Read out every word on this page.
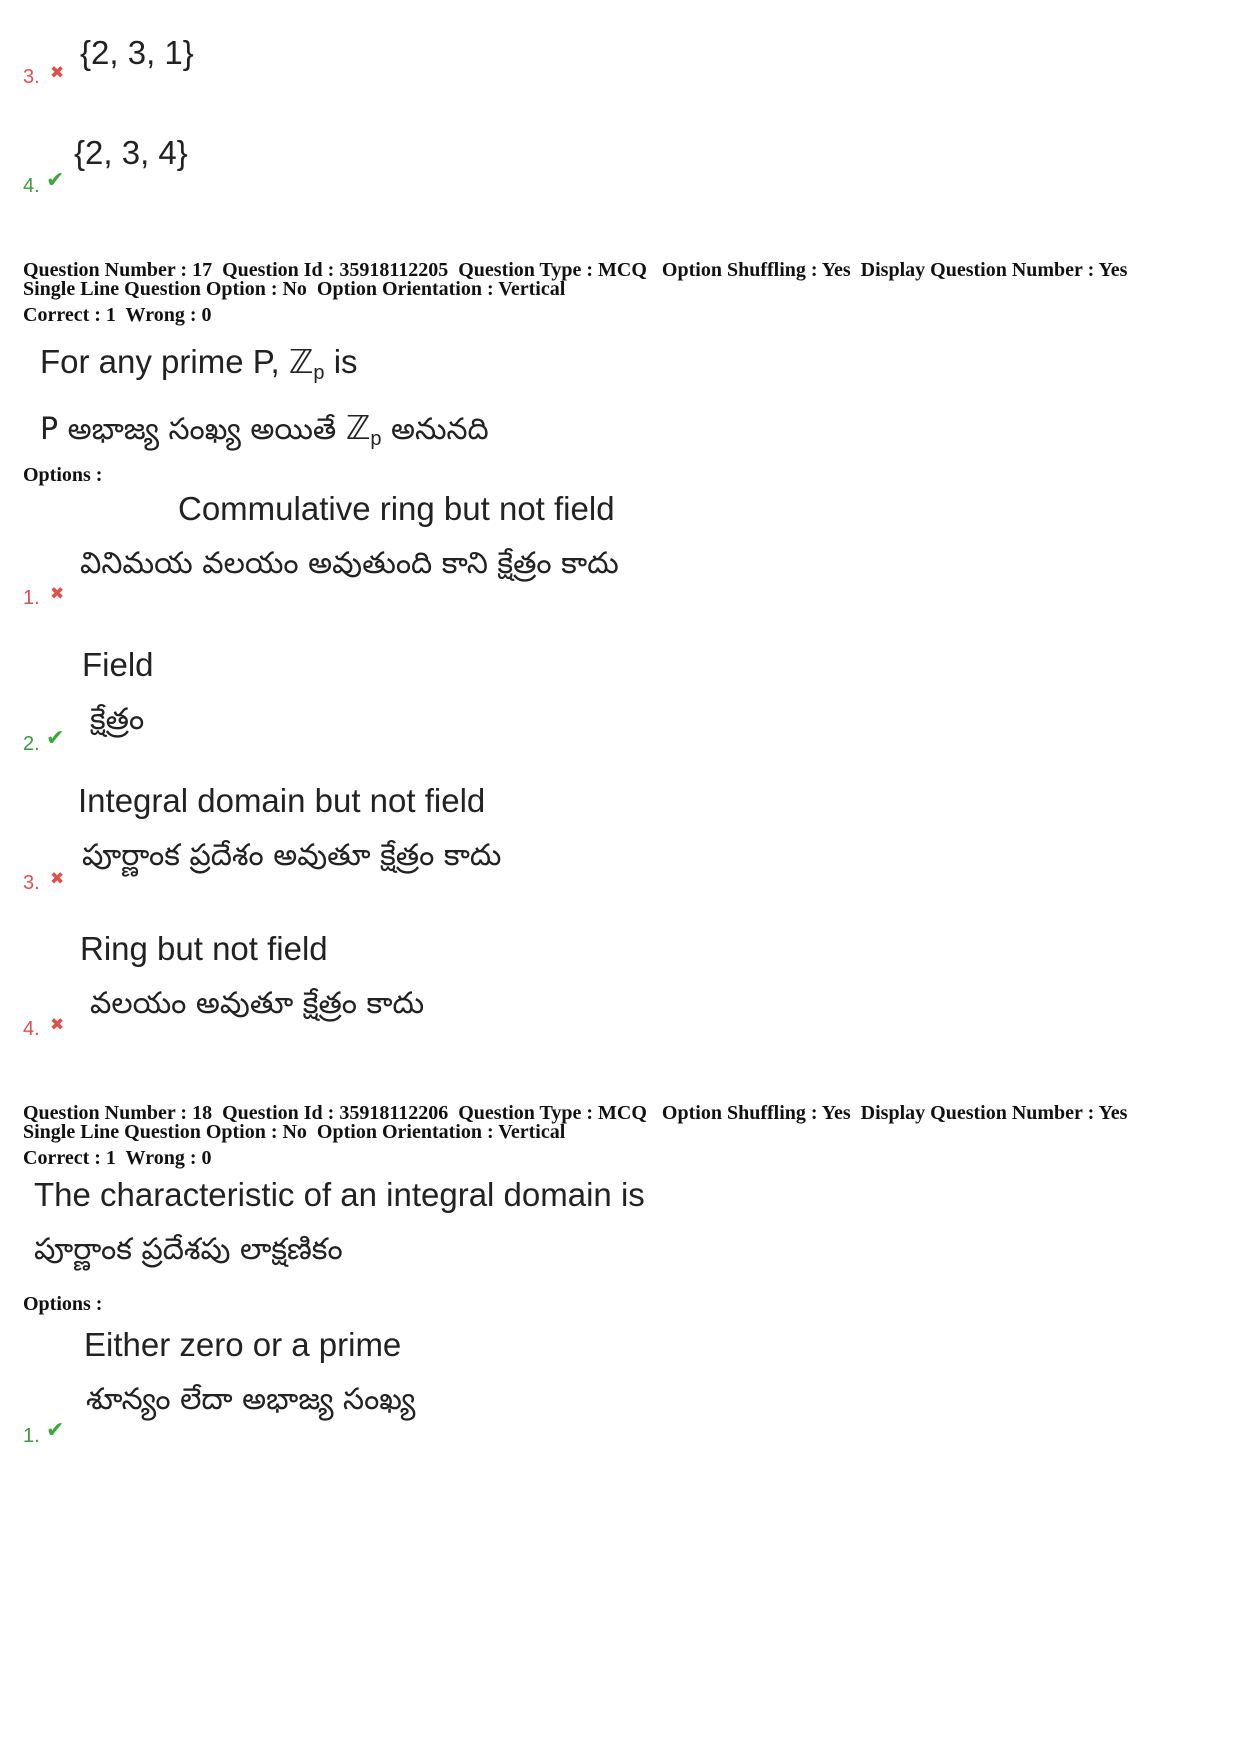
{2, 3, 1}
3. ✖
{2, 3, 4}
4. ✔
Question Number : 17  Question Id : 35918112205  Question Type : MCQ   Option Shuffling : Yes  Display Question Number : Yes
Single Line Question Option : No  Option Orientation : Vertical
Correct : 1  Wrong : 0
For any prime P, ℤ$_p$ is
P అభాజ్య సంఖ్య అయితే ℤ$_p$ అనునది
Options :
Commulative ring but not field
వినిమయ వలయం అవుతుంది కాని క్షేత్రం కాదు
1. ✖
Field
క్షేత్రం
2. ✔
Integral domain but not field
పూర్ణాంక ప్రదేశం అవుతూ క్షేత్రం కాదు
3. ✖
Ring but not field
వలయం అవుతూ క్షేత్రం కాదు
4. ✖
Question Number : 18  Question Id : 35918112206  Question Type : MCQ   Option Shuffling : Yes  Display Question Number : Yes
Single Line Question Option : No  Option Orientation : Vertical
Correct : 1  Wrong : 0
The characteristic of an integral domain is
పూర్ణాంక ప్రదేశపు లాక్షణికం
Options :
Either zero or a prime
శూన్యం లేదా అభాజ్య సంఖ్య
1. ✔
